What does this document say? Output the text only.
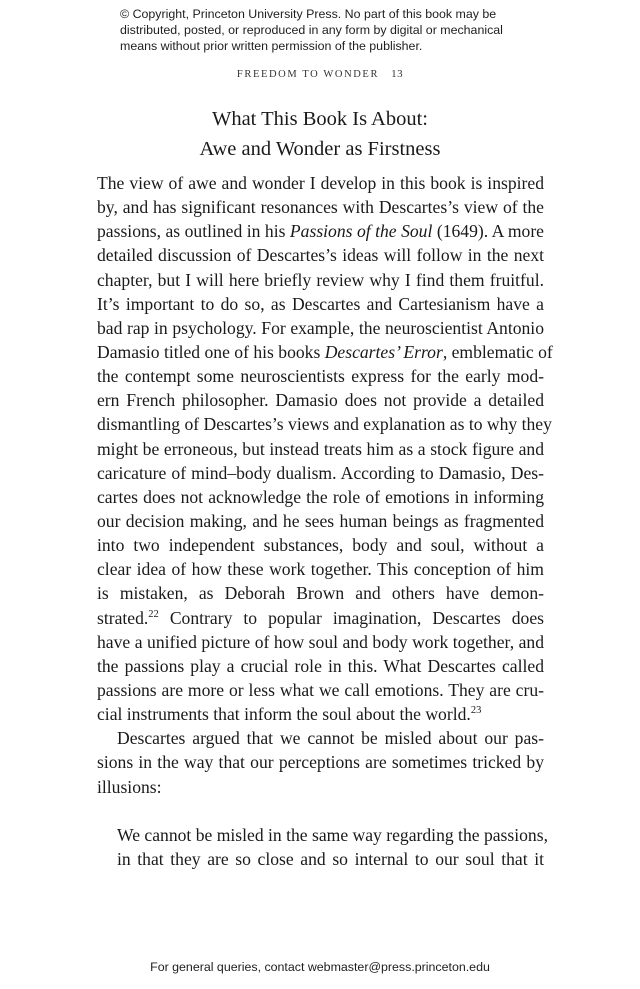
© Copyright, Princeton University Press. No part of this book may be
distributed, posted, or reproduced in any form by digital or mechanical
means without prior written permission of the publisher.
FREEDOM TO WONDER 13
What This Book Is About:
Awe and Wonder as Firstness
The view of awe and wonder I develop in this book is inspired
by, and has significant resonances with Descartes’s view of the
passions, as outlined in his Passions of the Soul (1649). A more
detailed discussion of Descartes’s ideas will follow in the next
chapter, but I will here briefly review why I find them fruitful.
It’s important to do so, as Descartes and Cartesianism have a
bad rap in psychology. For example, the neuroscientist Antonio
Damasio titled one of his books Descartes’ Error, emblematic of
the contempt some neuroscientists express for the early mod-
ern French philosopher. Damasio does not provide a detailed
dismantling of Descartes’s views and explanation as to why they
might be erroneous, but instead treats him as a stock figure and
caricature of mind–body dualism. According to Damasio, Des-
cartes does not acknowledge the role of emotions in informing
our decision making, and he sees human beings as fragmented
into two independent substances, body and soul, without a
clear idea of how these work together. This conception of him
is mistaken, as Deborah Brown and others have demon-
strated.$^{22}$ Contrary to popular imagination, Descartes does
have a unified picture of how soul and body work together, and
the passions play a crucial role in this. What Descartes called
passions are more or less what we call emotions. They are cru-
cial instruments that inform the soul about the world.$^{23}$
Descartes argued that we cannot be misled about our pas-
sions in the way that our perceptions are sometimes tricked by
illusions:
We cannot be misled in the same way regarding the passions,
in that they are so close and so internal to our soul that it
For general queries, contact webmaster@press.princeton.edu
